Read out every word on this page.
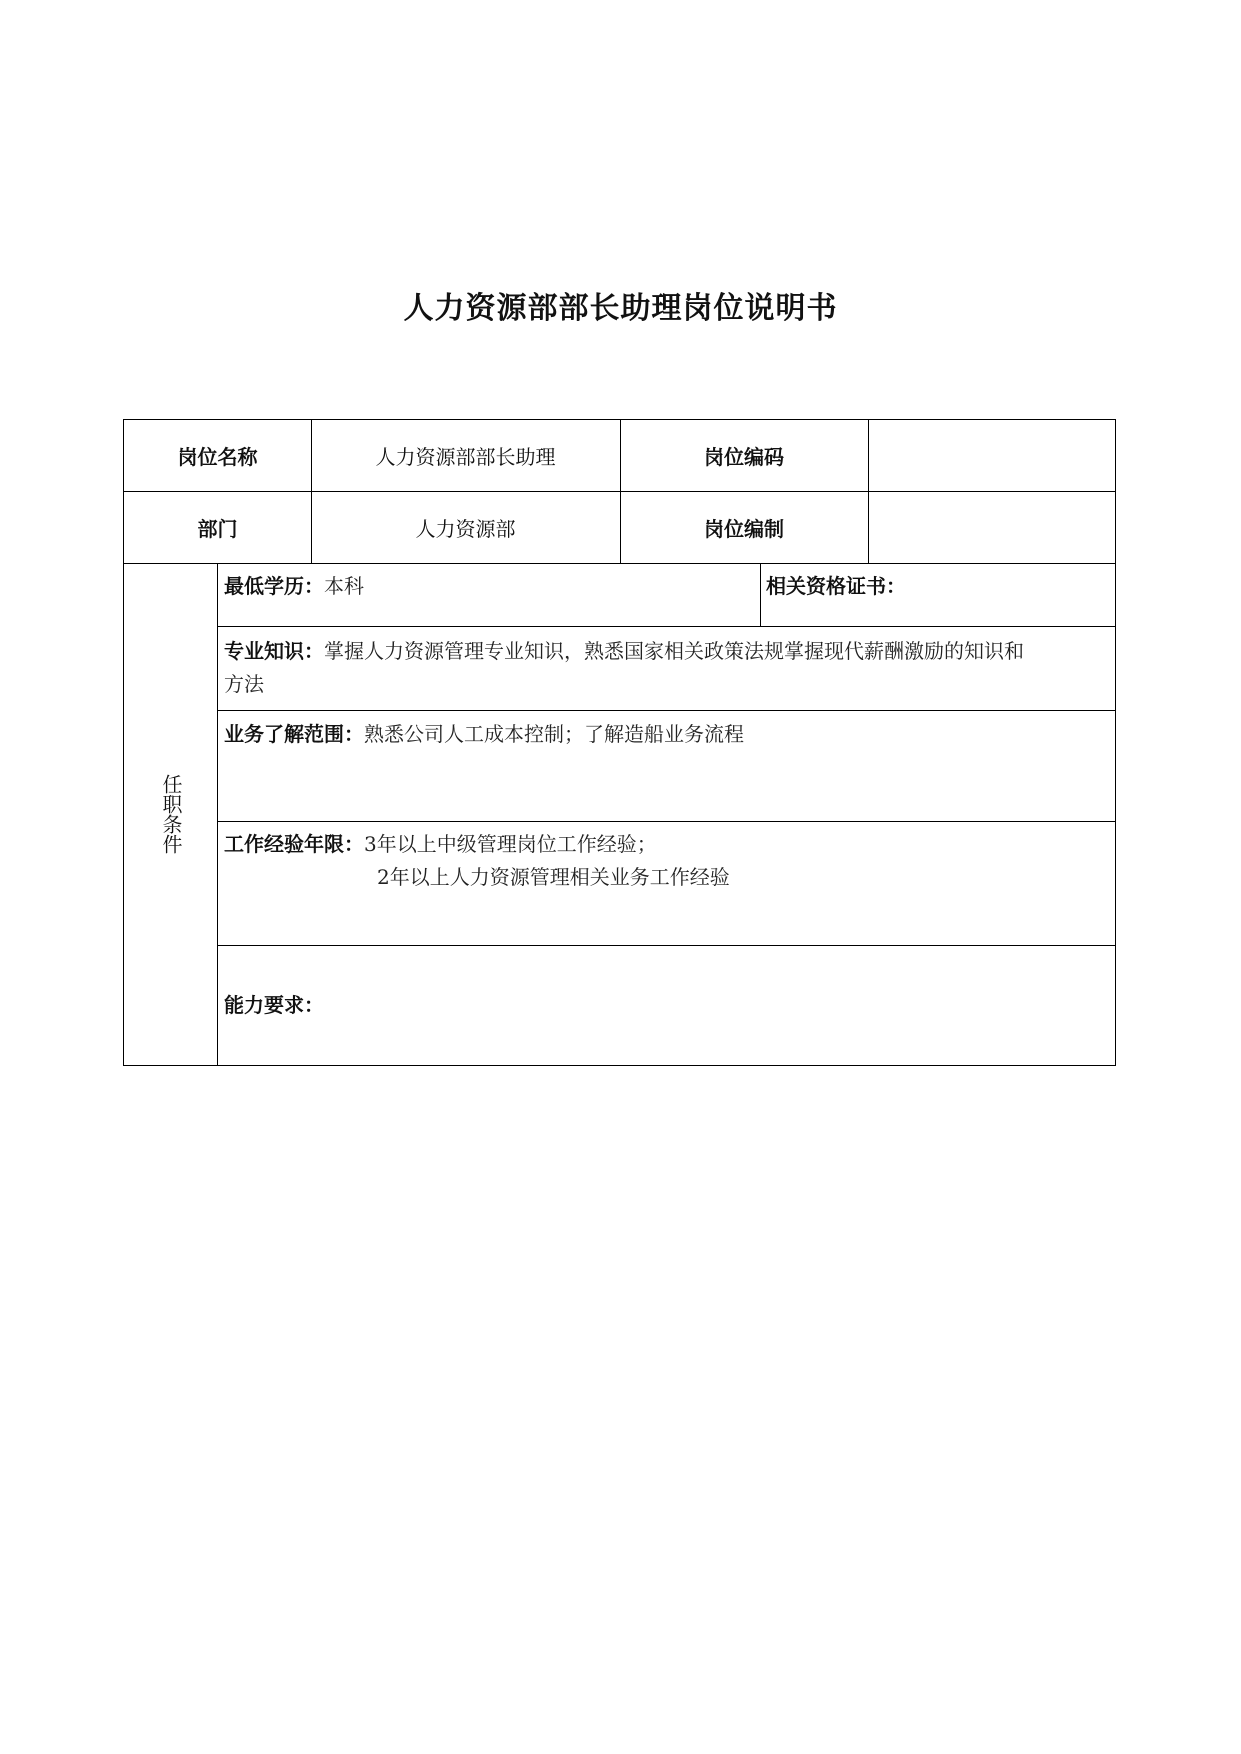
人力资源部部长助理岗位说明书
岗位名称	人力资源部部长助理	岗位编码
部门	人力资源部	岗位编制
任职条件
最低学历：本科	相关资格证书：
专业知识：掌握人力资源管理专业知识，熟悉国家相关政策法规掌握现代薪酬激励的知识和
方法
业务了解范围：熟悉公司人工成本控制；了解造船业务流程
工作经验年限：3年以上中级管理岗位工作经验；
2年以上人力资源管理相关业务工作经验
能力要求：
